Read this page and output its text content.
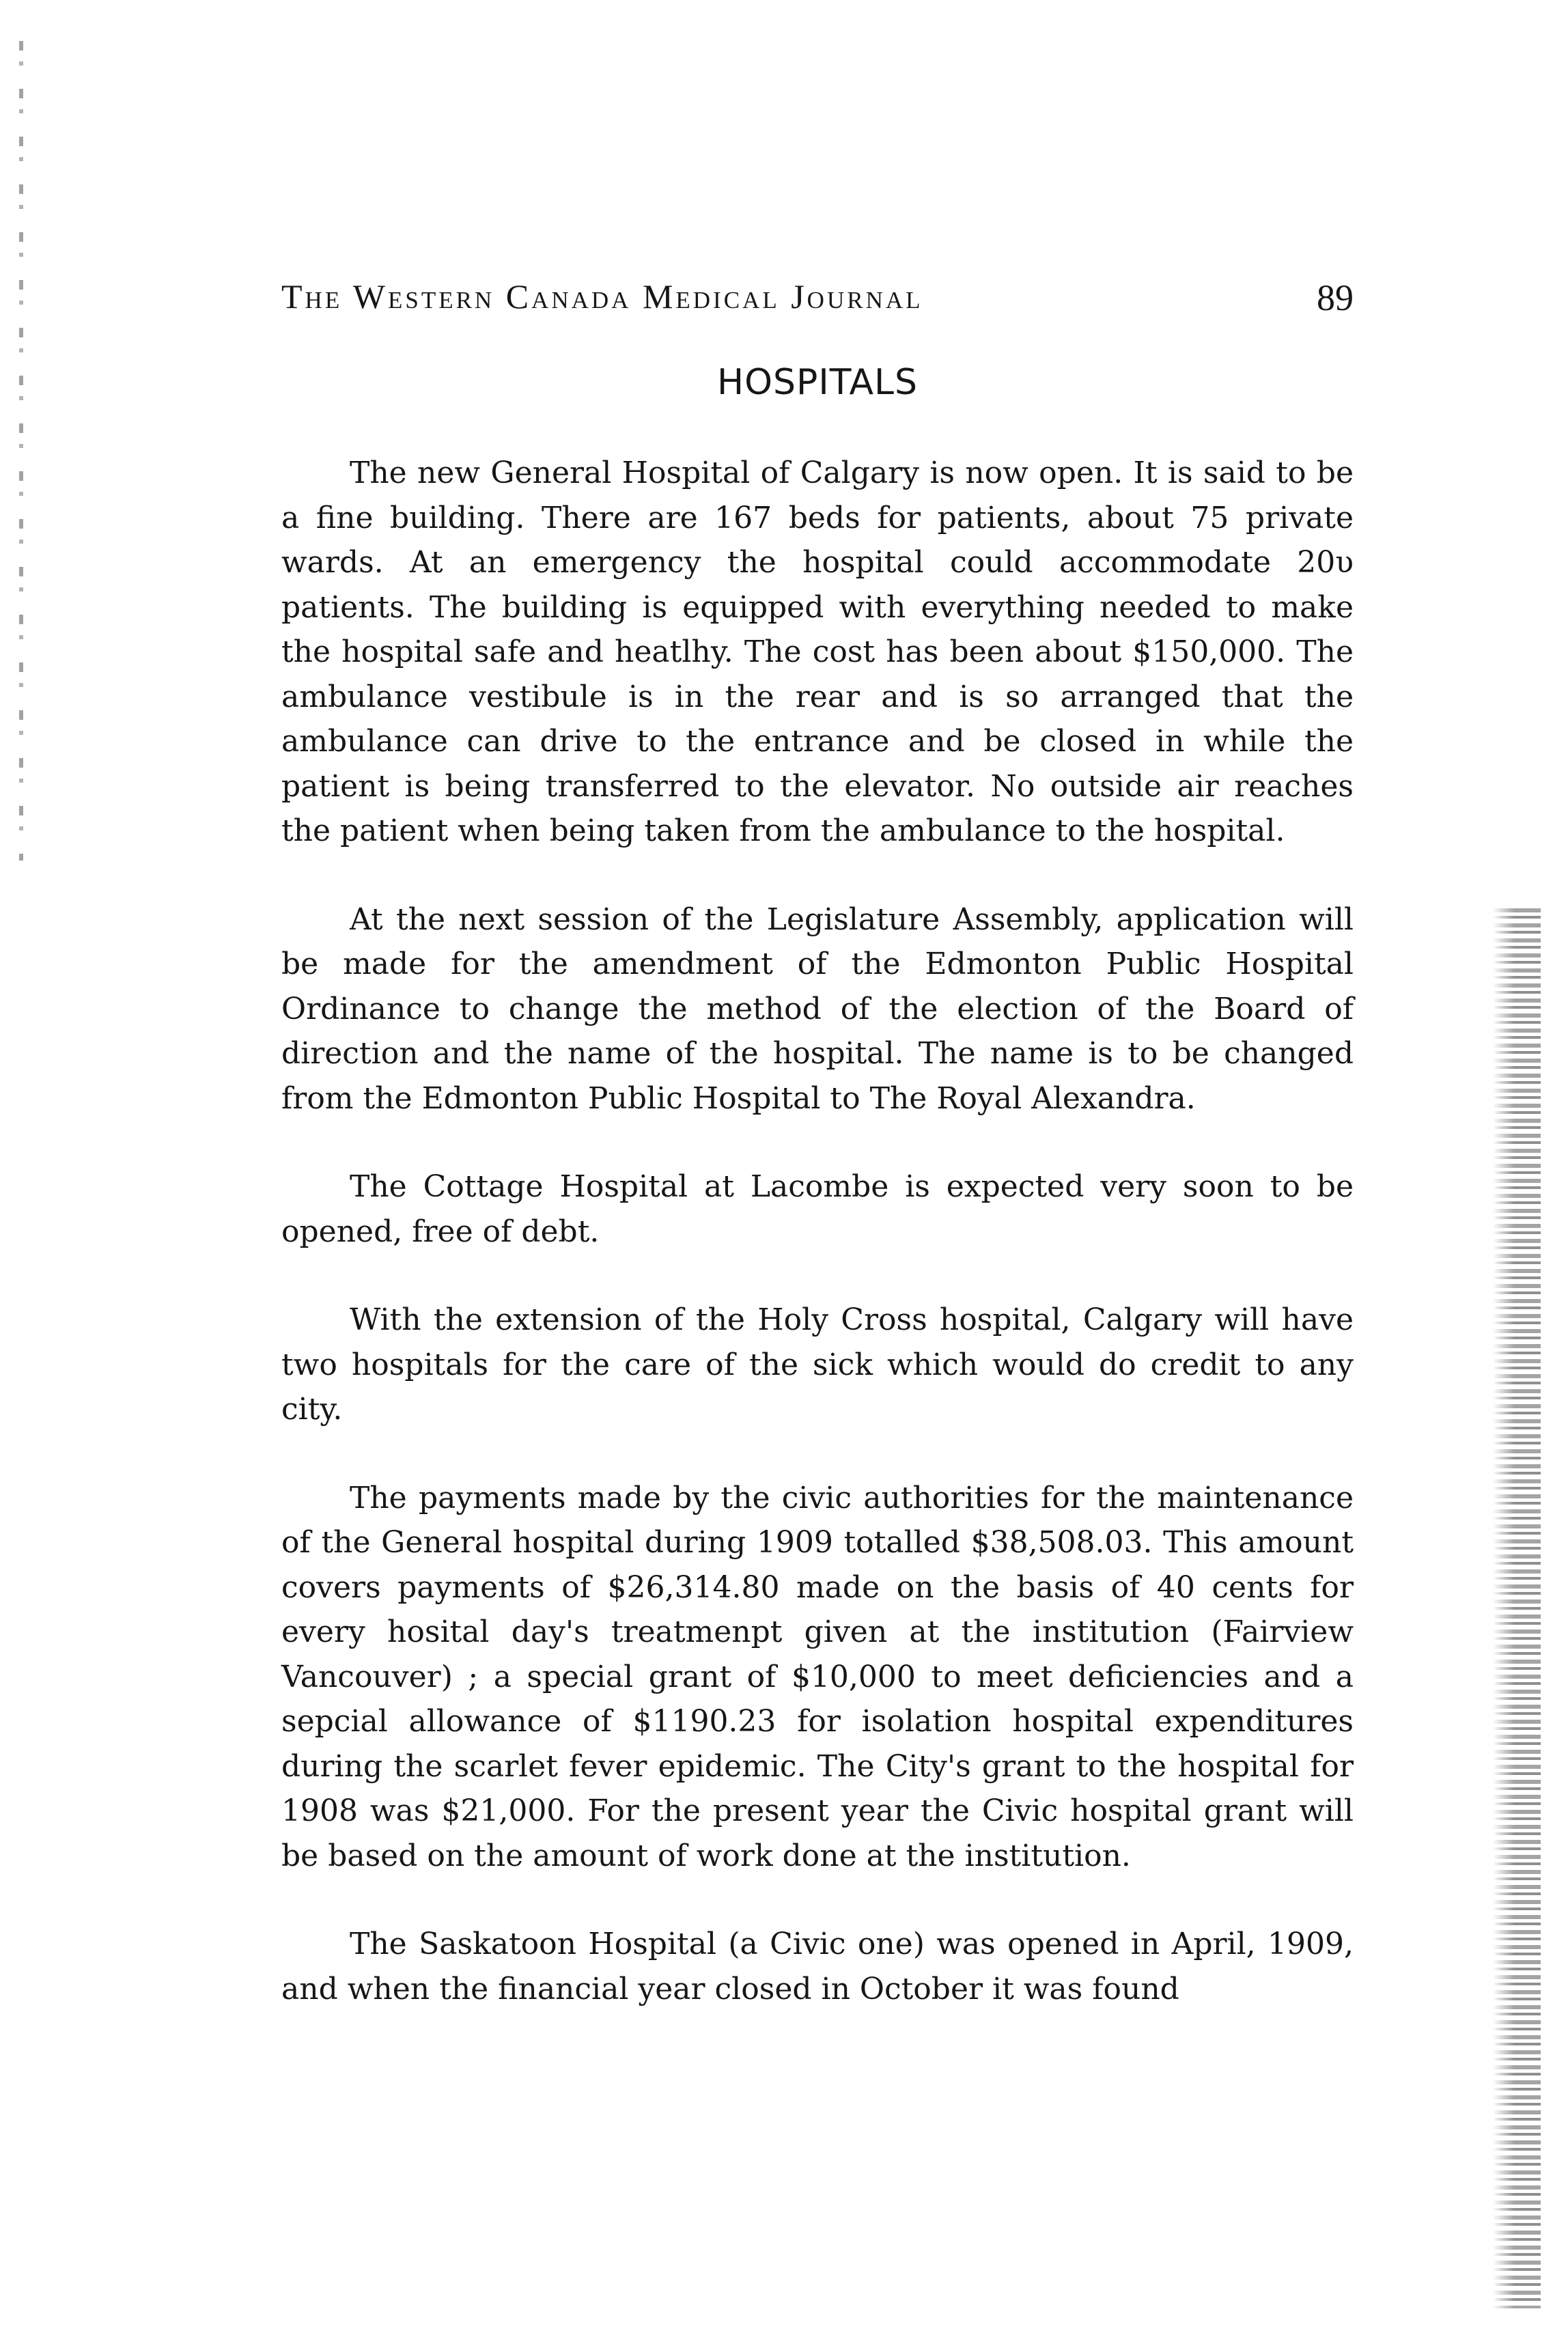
The Western Canada Medical Journal	89
HOSPITALS

The new General Hospital of Calgary is now open. It is said to be a fine building. There are 167 beds for patients, about 75 private wards. At an emergency the hospital could accommodate 20υ patients. The building is equipped with everything needed to make the hospital safe and heatlhy. The cost has been about $150,000. The ambulance vestibule is in the rear and is so arranged that the ambulance can drive to the entrance and be closed in while the patient is being transferred to the elevator. No outside air reaches the patient when being taken from the ambulance to the hospital.

At the next session of the Legislature Assembly, application will be made for the amendment of the Edmonton Public Hospital Ordinance to change the method of the election of the Board of direction and the name of the hospital. The name is to be changed from the Edmonton Public Hospital to The Royal Alexandra.

The Cottage Hospital at Lacombe is expected very soon to be opened, free of debt.

With the extension of the Holy Cross hospital, Calgary will have two hospitals for the care of the sick which would do credit to any city.

The payments made by the civic authorities for the maintenance of the General hospital during 1909 totalled $38,508.03. This amount covers payments of $26,314.80 made on the basis of 40 cents for every hosital day's treatmenpt given at the institution (Fairview Vancouver) ; a special grant of $10,000 to meet deficiencies and a sepcial allowance of $1190.23 for isolation hospital expenditures during the scarlet fever epidemic. The City's grant to the hospital for 1908 was $21,000. For the present year the Civic hospital grant will be based on the amount of work done at the institution.

The Saskatoon Hospital (a Civic one) was opened in April, 1909, and when the financial year closed in October it was found
